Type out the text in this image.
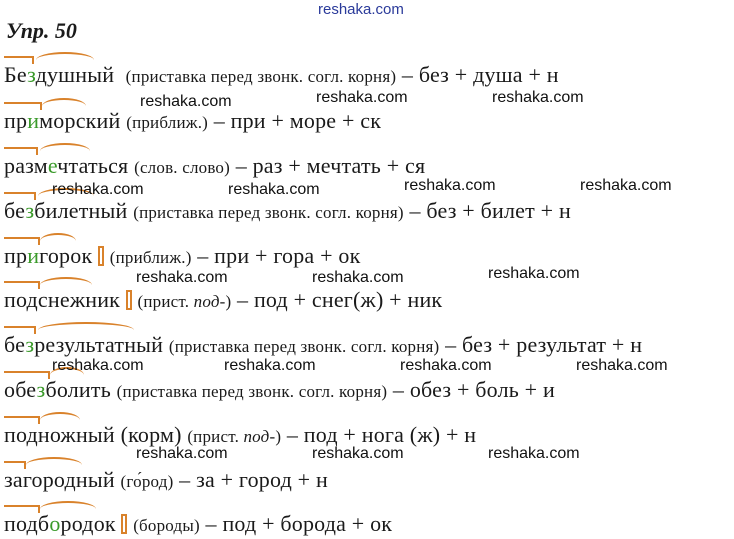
reshaka.com
Упр. 50
Бездушный (приставка перед звонк. согл. корня) – без + душа + н
приморский (приближ.) – при + море + ск
размечтаться (слов. слово) – раз + мечтать + ся
безбилетный (приставка перед звонк. согл. корня) – без + билет + н
пригорок (приближ.) – при + гора + ок
подснежник (прист. под-) – под + снег(ж) + ник
безрезультатный (приставка перед звонк. согл. корня) – без + результат + н
обезболить (приставка перед звонк. согл. корня) – обез + боль + и
подножный
(корм) (прист. под-) – под + нога (ж) + н
загородный (го́род) – за + город + н
подбородок (бороды) – под + борода + ок
reshaka.com	reshaka.com	reshaka.com
reshaka.com	reshaka.com	reshaka.com	reshaka.com
reshaka.com	reshaka.com	reshaka.com
reshaka.com	reshaka.com	reshaka.com	reshaka.com
reshaka.com	reshaka.com	reshaka.com
